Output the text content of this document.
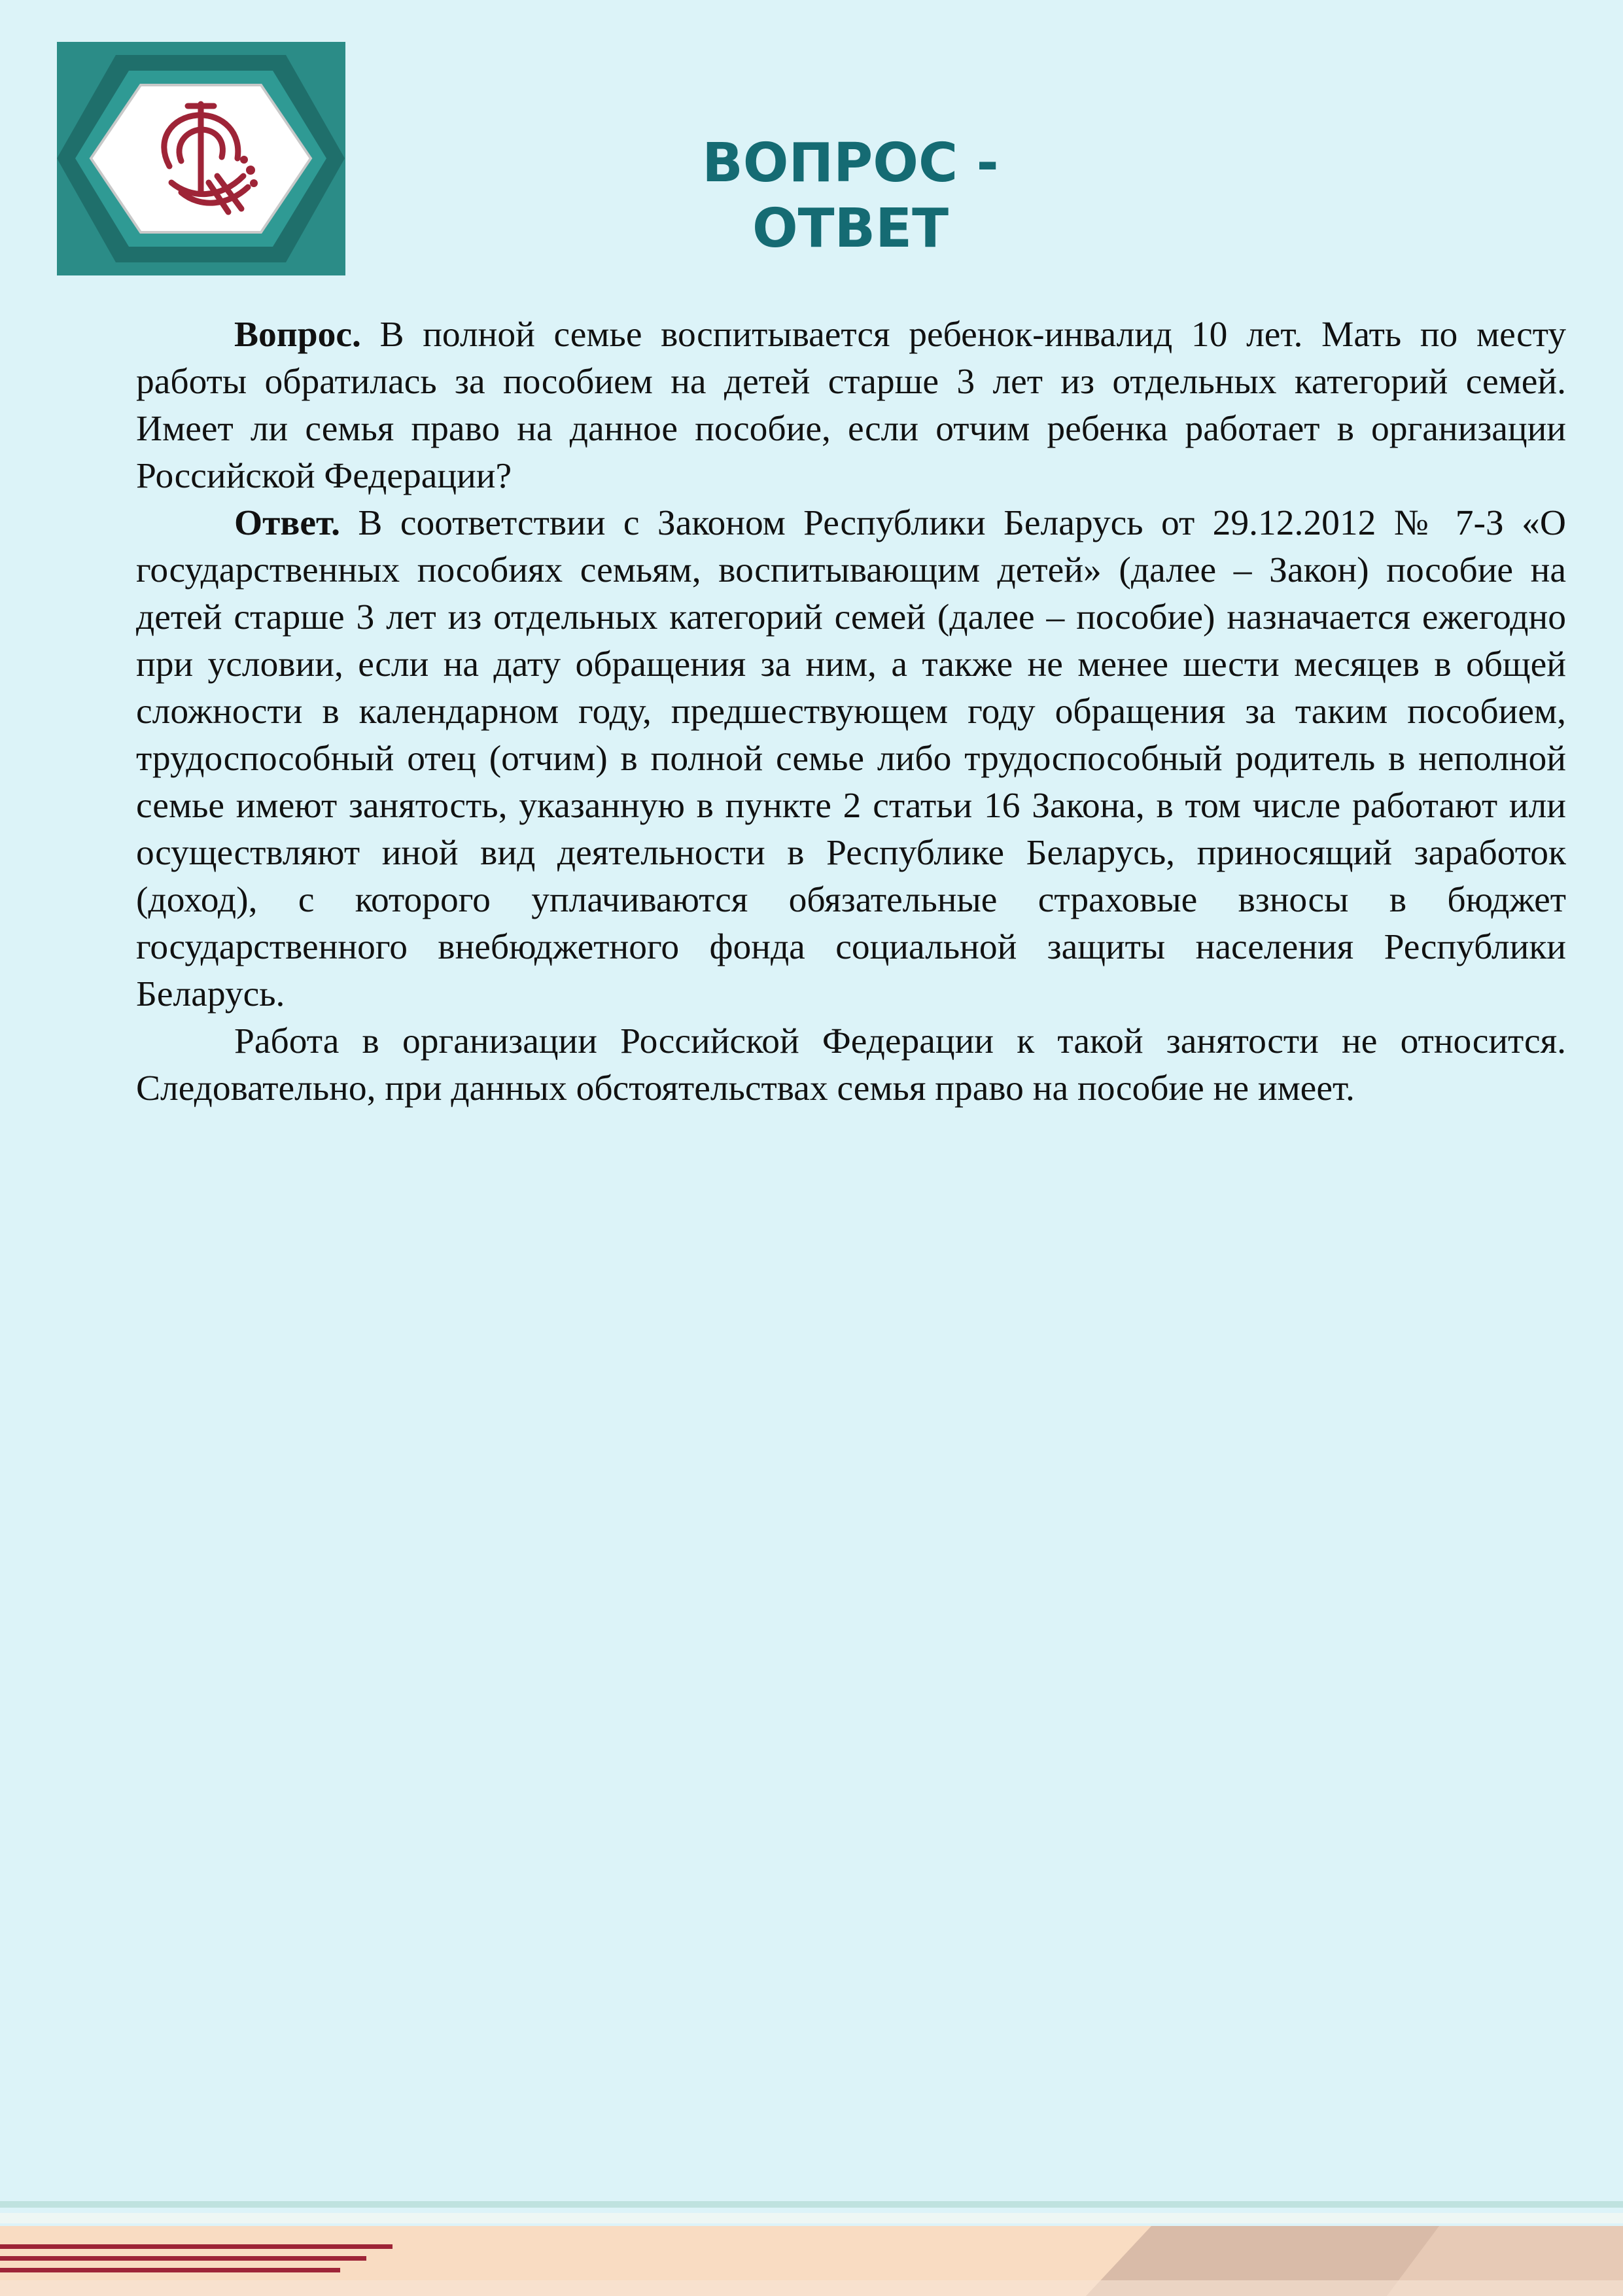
ВОПРОС - ОТВЕТ

Вопрос. В полной семье воспитывается ребенок-инвалид 10 лет. Мать по месту работы обратилась за пособием на детей старше 3 лет из отдельных категорий семей. Имеет ли семья право на данное пособие, если отчим ребенка работает в организации Российской Федерации?

Ответ. В соответствии с Законом Республики Беларусь от 29.12.2012 № 7-З «О государственных пособиях семьям, воспитывающим детей» (далее – Закон) пособие на детей старше 3 лет из отдельных категорий семей (далее – пособие) назначается ежегодно при условии, если на дату обращения за ним, а также не менее шести месяцев в общей сложности в календарном году, предшествующем году обращения за таким пособием, трудоспособный отец (отчим) в полной семье либо трудоспособный родитель в неполной семье имеют занятость, указанную в пункте 2 статьи 16 Закона, в том числе работают или осуществляют иной вид деятельности в Республике Беларусь, приносящий заработок (доход), с которого уплачиваются обязательные страховые взносы в бюджет государственного внебюджетного фонда социальной защиты населения Республики Беларусь.

Работа в организации Российской Федерации к такой занятости не относится. Следовательно, при данных обстоятельствах семья право на пособие не имеет.
